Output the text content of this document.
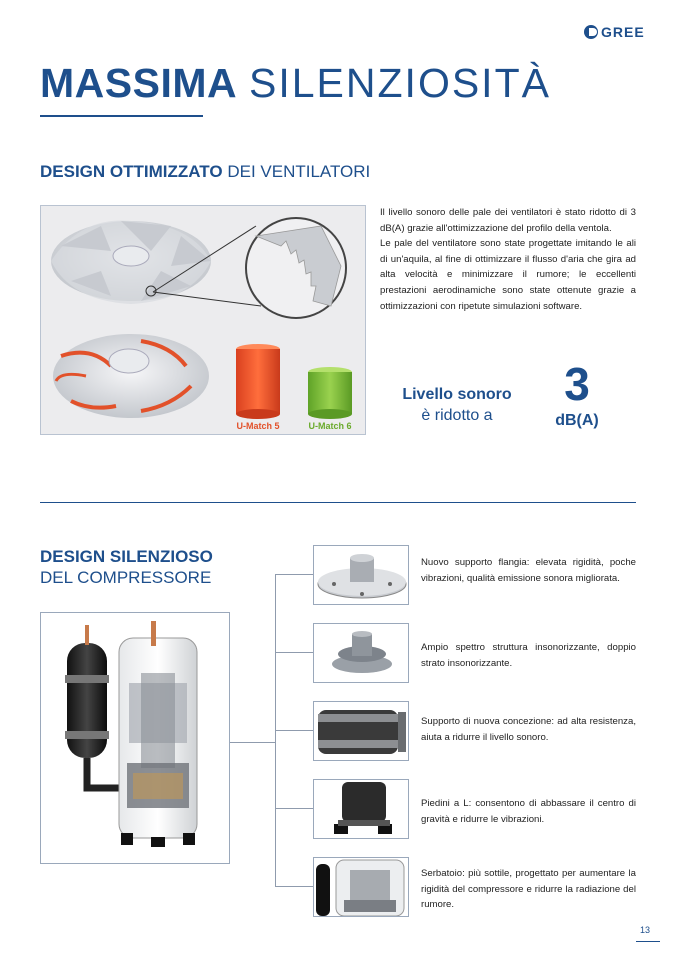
GREE
MASSIMA SILENZIOSITÀ
DESIGN OTTIMIZZATO DEI VENTILATORI
U-Match 5	U-Match 6

Il livello sonoro delle pale dei ventilatori è stato ridotto di 3 dB(A) grazie all'ottimizzazione del profilo della ventola.

Le pale del ventilatore sono state progettate imitando le ali di un'aquila, al fine di ottimizzare il flusso d'aria che gira ad alta velocità e minimizzare il rumore; le eccellenti prestazioni aerodinamiche sono state ottenute grazie a ottimizzazioni con ripetute simulazioni software.

Livello sonoro
è ridotto a
3
dB(A)
DESIGN SILENZIOSO
DEL COMPRESSORE
Nuovo supporto flangia: elevata rigidità, poche vibrazioni, qualità emissione sonora migliorata.
Ampio spettro struttura insonorizzante, doppio strato insonorizzante.
Supporto di nuova concezione: ad alta resistenza, aiuta a ridurre il livello sonoro.
Piedini a L: consentono di abbassare il centro di gravità e ridurre le vibrazioni.
Serbatoio: più sottile, progettato per aumentare la rigidità del compressore e ridurre la radiazione del rumore.
13
